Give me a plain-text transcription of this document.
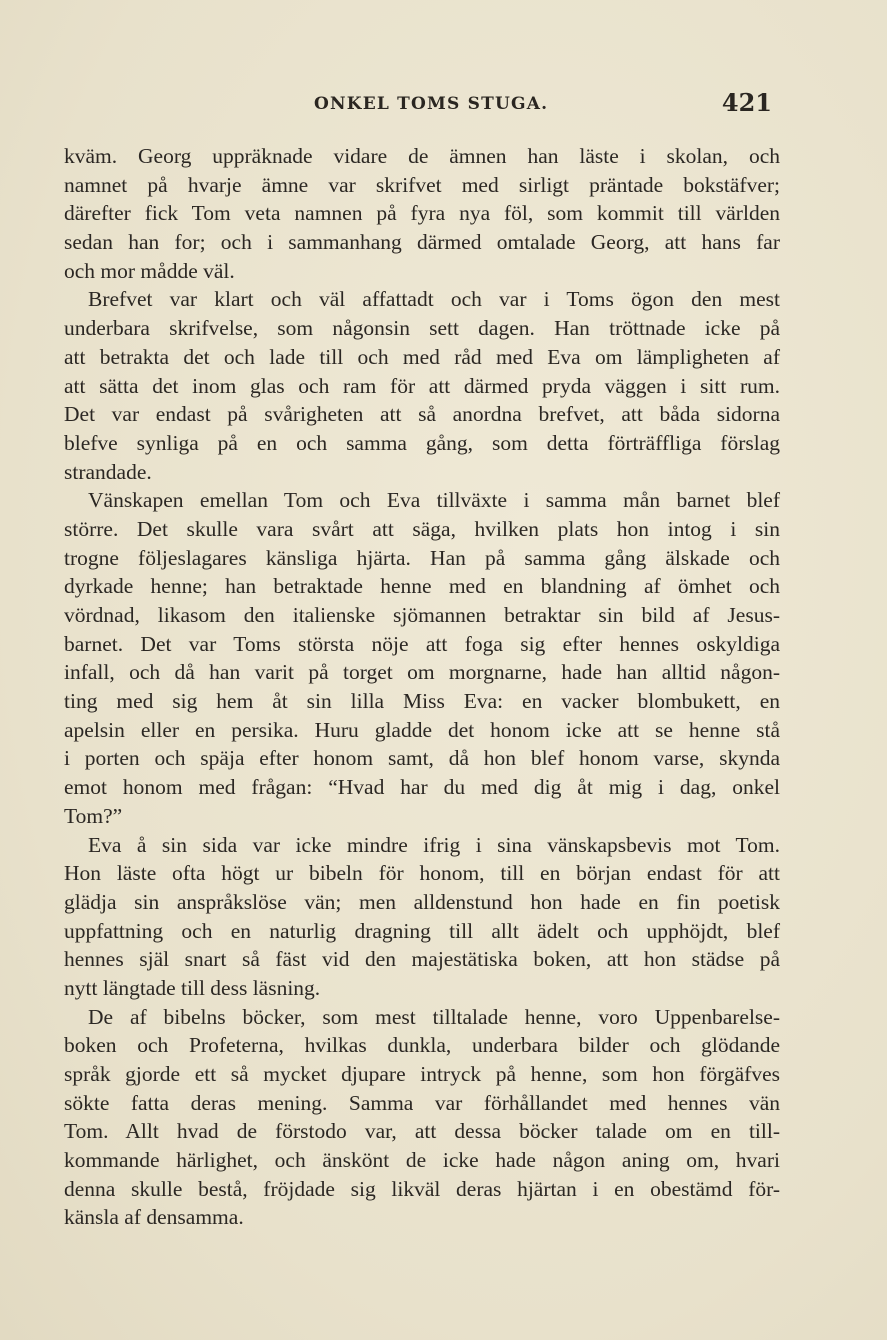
ONKEL TOMS STUGA.	421
kväm. Georg uppräknade vidare de ämnen han läste i skolan, och
namnet på hvarje ämne var skrifvet med sirligt präntade bokstäfver;
därefter fick Tom veta namnen på fyra nya föl, som kommit till världen
sedan han for; och i sammanhang därmed omtalade Georg, att hans far
och mor mådde väl.
Brefvet var klart och väl affattadt och var i Toms ögon den mest
underbara skrifvelse, som någonsin sett dagen. Han tröttnade icke på
att betrakta det och lade till och med råd med Eva om lämpligheten af
att sätta det inom glas och ram för att därmed pryda väggen i sitt rum.
Det var endast på svårigheten att så anordna brefvet, att båda sidorna
blefve synliga på en och samma gång, som detta förträffliga förslag
strandade.
Vänskapen emellan Tom och Eva tillväxte i samma mån barnet blef
större. Det skulle vara svårt att säga, hvilken plats hon intog i sin
trogne följeslagares känsliga hjärta. Han på samma gång älskade och
dyrkade henne; han betraktade henne med en blandning af ömhet och
vördnad, likasom den italienske sjömannen betraktar sin bild af Jesus-
barnet. Det var Toms största nöje att foga sig efter hennes oskyldiga
infall, och då han varit på torget om morgnarne, hade han alltid någon-
ting med sig hem åt sin lilla Miss Eva: en vacker blombukett, en
apelsin eller en persika. Huru gladde det honom icke att se henne stå
i porten och späja efter honom samt, då hon blef honom varse, skynda
emot honom med frågan: “Hvad har du med dig åt mig i dag, onkel
Tom?”
Eva å sin sida var icke mindre ifrig i sina vänskapsbevis mot Tom.
Hon läste ofta högt ur bibeln för honom, till en början endast för att
glädja sin anspråkslöse vän; men alldenstund hon hade en fin poetisk
uppfattning och en naturlig dragning till allt ädelt och upphöjdt, blef
hennes själ snart så fäst vid den majestätiska boken, att hon städse på
nytt längtade till dess läsning.
De af bibelns böcker, som mest tilltalade henne, voro Uppenbarelse-
boken och Profeterna, hvilkas dunkla, underbara bilder och glödande
språk gjorde ett så mycket djupare intryck på henne, som hon förgäfves
sökte fatta deras mening. Samma var förhållandet med hennes vän
Tom. Allt hvad de förstodo var, att dessa böcker talade om en till-
kommande härlighet, och änskönt de icke hade någon aning om, hvari
denna skulle bestå, fröjdade sig likväl deras hjärtan i en obestämd för-
känsla af densamma.
